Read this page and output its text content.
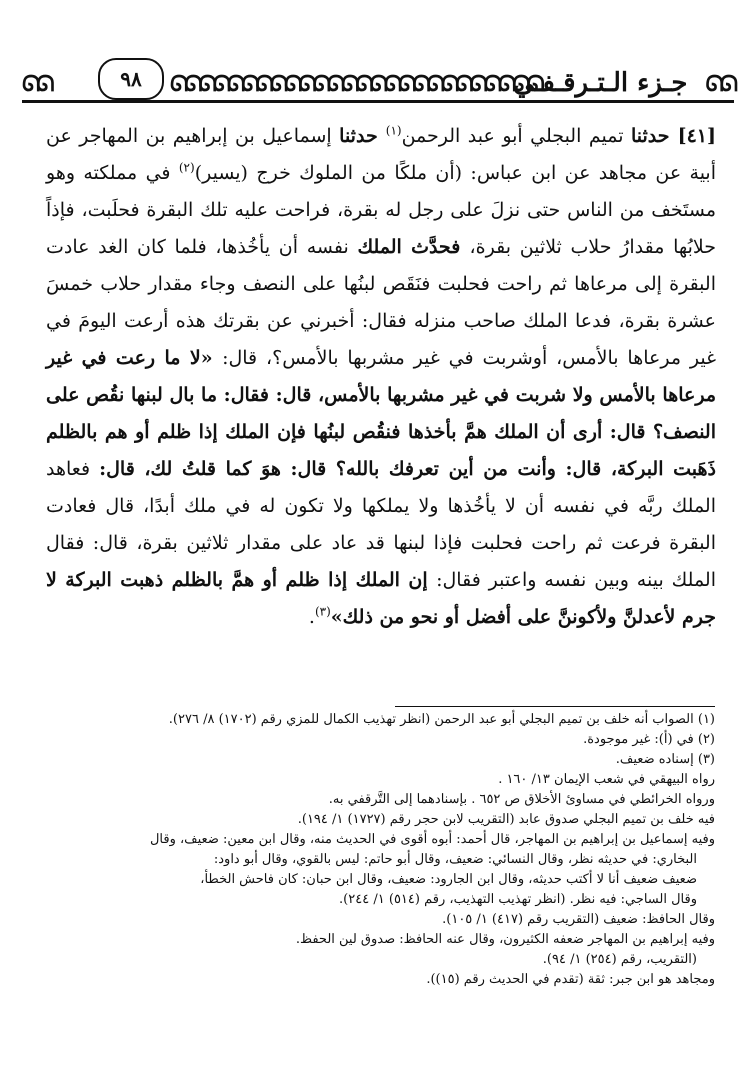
ᘏᘏ	٩٨	ᘏᘏᘏᘏᘏᘏᘏᘏᘏᘏᘏᘏᘏᘏᘏᘏᘏᘏᘏᘏᘏᘏᘏᘏᘏᘏ
جـزء الـتـرقـفـي ᘏᘏ

[٤١] حدثنا تميم البجلي أبو عبد الرحمن$^{(١)}$ حدثنا إسماعيل بن إبراهيم بن المهاجر عن أبية عن مجاهد عن ابن عباس: (أن ملكًا من الملوك خرج (يسير)$^{(٢)}$ في مملكته وهو مستَخف من الناس حتى نزلَ على رجل له بقرة، فراحت عليه تلك البقرة فحلَبت، فإذاً حلابُها مقدارُ حلاب ثلاثين بقرة، فحدَّث الملك نفسه أن يأخُذها، فلما كان الغد عادت البقرة إلى مرعاها ثم راحت فحلبت فنَقَص لبنُها على النصف وجاء مقدار حلاب خمسَ عشرة بقرة، فدعا الملك صاحب منزله فقال: أخبرني عن بقرتك هذه أرعت اليومَ في غير مرعاها بالأمس، أوشربت في غير مشربها بالأمس؟، قال: «لا ما رعت في غير مرعاها بالأمس ولا شربت في غير مشربها بالأمس، قال: فقال: ما بال لبنها نقُص على النصف؟ قال: أرى أن الملك همَّ بأخذها فنقُص لبنُها فإن الملك إذا ظلم أو هم بالظلم ذَهَبت البركة، قال: وأنت من أين تعرفك بالله؟ قال: هوَ كما قلتُ لك، قال: فعاهد الملك ربَّه في نفسه أن لا يأخُذها ولا يملكها ولا تكون له في ملك أبدًا، قال فعادت البقرة فرعت ثم راحت فحلبت فإذا لبنها قد عاد على مقدار ثلاثين بقرة، قال: فقال الملك بينه وبين نفسه واعتبر فقال: إن الملك إذا ظلم أو همَّ بالظلم ذهبت البركة لا جرم لأعدلنَّ ولأكوننَّ على أفضل أو نحو من ذلك»$^{(٣)}$.

(١) الصواب أنه خلف بن تميم البجلي أبو عبد الرحمن (انظر تهذيب الكمال للمزي رقم (١٧٠٢) ٨/ ٢٧٦).

(٢) في (أ): غير موجودة.

(٣) إسناده ضعيف.

رواه البيهقي في شعب الإيمان ١٣/ ١٦٠ .

ورواه الخرائطي في مساوئ الأخلاق ص ٦٥٢ . بإسنادهما إلى التَّرقفي به.

فيه خلف بن تميم البجلي صدوق عابد (التقريب لابن حجر رقم (١٧٢٧) ١/ ١٩٤).

وفيه إسماعيل بن إبراهيم بن المهاجر، قال أحمد: أبوه أقوى في الحديث منه، وقال ابن معين: ضعيف، وقال

البخاري: في حديثه نظر، وقال النسائي: ضعيف، وقال أبو حاتم: ليس بالقوي، وقال أبو داود:

ضعيف ضعيف أنا لا أكتب حديثه، وقال ابن الجارود: ضعيف، وقال ابن حبان: كان فاحش الخطأ،

وقال الساجي: فيه نظر. (انظر تهذيب التهذيب، رقم (٥١٤) ١/ ٢٤٤).

وقال الحافظ: ضعيف (التقريب رقم (٤١٧) ١/ ١٠٥).

وفيه إبراهيم بن المهاجر ضعفه الكثيرون، وقال عنه الحافظ: صدوق لين الحفظ.

(التقريب، رقم (٢٥٤) ١/ ٩٤).

ومجاهد هو ابن جبر: ثقة (تقدم في الحديث رقم (١٥)).
